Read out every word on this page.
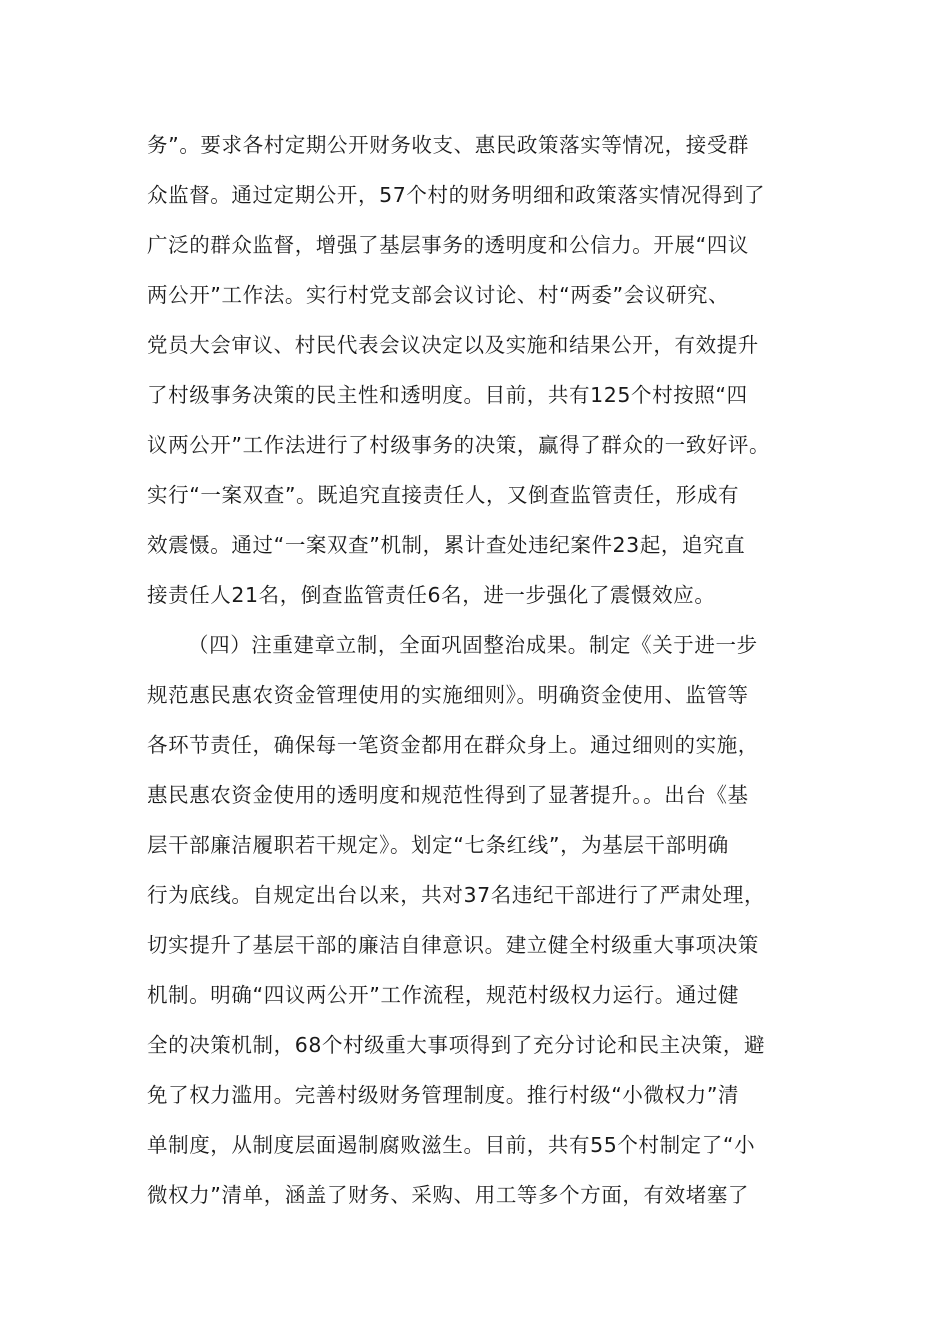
务”。要求各村定期公开财务收支、惠民政策落实等情况，接受群
众监督。通过定期公开，57个村的财务明细和政策落实情况得到了
广泛的群众监督，增强了基层事务的透明度和公信力。开展“四议
两公开”工作法。实行村党支部会议讨论、村“两委”会议研究、
党员大会审议、村民代表会议决定以及实施和结果公开，有效提升
了村级事务决策的民主性和透明度。目前，共有125个村按照“四
议两公开”工作法进行了村级事务的决策，赢得了群众的一致好评。
实行“一案双查”。既追究直接责任人，又倒查监管责任，形成有
效震慑。通过“一案双查”机制，累计查处违纪案件23起，追究直
接责任人21名，倒查监管责任6名，进一步强化了震慑效应。
（四）注重建章立制，全面巩固整治成果。制定《关于进一步
规范惠民惠农资金管理使用的实施细则》。明确资金使用、监管等
各环节责任，确保每一笔资金都用在群众身上。通过细则的实施，
惠民惠农资金使用的透明度和规范性得到了显著提升。。出台《基
层干部廉洁履职若干规定》。划定“七条红线”，为基层干部明确
行为底线。自规定出台以来，共对37名违纪干部进行了严肃处理，
切实提升了基层干部的廉洁自律意识。建立健全村级重大事项决策
机制。明确“四议两公开”工作流程，规范村级权力运行。通过健
全的决策机制，68个村级重大事项得到了充分讨论和民主决策，避
免了权力滥用。完善村级财务管理制度。推行村级“小微权力”清
单制度，从制度层面遏制腐败滋生。目前，共有55个村制定了“小
微权力”清单，涵盖了财务、采购、用工等多个方面，有效堵塞了
